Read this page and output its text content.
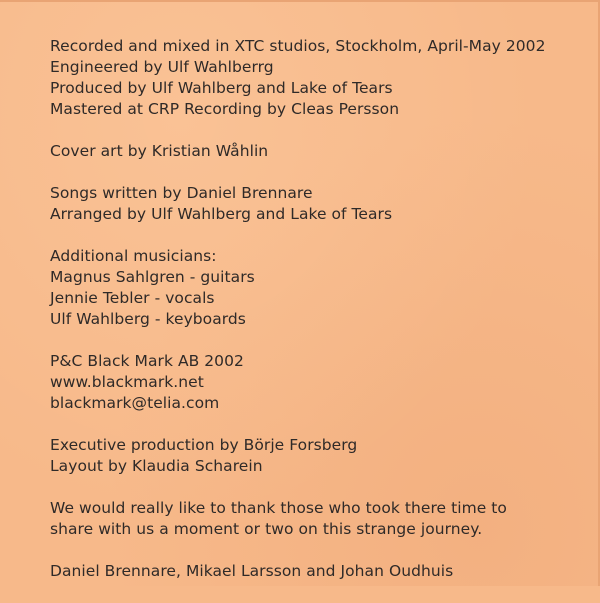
Recorded and mixed in XTC studios, Stockholm, April-May 2002
Engineered by Ulf Wahlberrg
Produced by Ulf Wahlberg and Lake of Tears
Mastered at CRP Recording by Cleas Persson
Cover art by Kristian Wåhlin
Songs written by Daniel Brennare
Arranged by Ulf Wahlberg and Lake of Tears
Additional musicians:
Magnus Sahlgren - guitars
Jennie Tebler - vocals
Ulf Wahlberg - keyboards
P&C Black Mark AB 2002
www.blackmark.net
blackmark@telia.com
Executive production by Börje Forsberg
Layout by Klaudia Scharein
We would really like to thank those who took there time to
share with us a moment or two on this strange journey.
Daniel Brennare, Mikael Larsson and Johan Oudhuis
